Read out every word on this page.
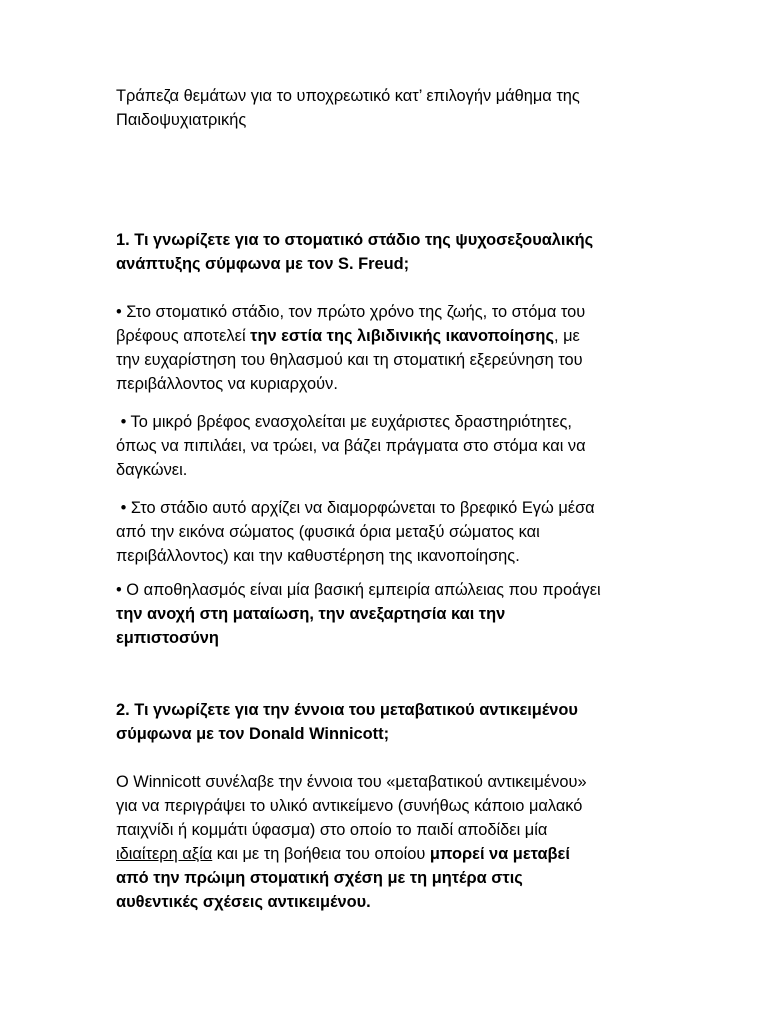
Τράπεζα θεμάτων για το υποχρεωτικό κατ’ επιλογήν μάθημα της
Παιδοψυχιατρικής

1. Τι γνωρίζετε για το στοματικό στάδιο της ψυχοσεξουαλικής
ανάπτυξης σύμφωνα με τον S. Freud;

• Στο στοματικό στάδιο, τον πρώτο χρόνο της ζωής, το στόμα του
βρέφους αποτελεί την εστία της λιβιδινικής ικανοποίησης, με
την ευχαρίστηση του θηλασμού και τη στοματική εξερεύνηση του
περιβάλλοντος να κυριαρχούν.

• Το μικρό βρέφος ενασχολείται με ευχάριστες δραστηριότητες,
όπως να πιπιλάει, να τρώει, να βάζει πράγματα στο στόμα και να
δαγκώνει.

• Στο στάδιο αυτό αρχίζει να διαμορφώνεται το βρεφικό Εγώ μέσα
από την εικόνα σώματος (φυσικά όρια μεταξύ σώματος και
περιβάλλοντος) και την καθυστέρηση της ικανοποίησης.

• Ο αποθηλασμός είναι μία βασική εμπειρία απώλειας που προάγει
την ανοχή στη ματαίωση, την ανεξαρτησία και την
εμπιστοσύνη

2. Τι γνωρίζετε για την έννοια του μεταβατικού αντικειμένου
σύμφωνα με τον Donald Winnicott;

Ο Winnicott συνέλαβε την έννοια του «μεταβατικού αντικειμένου»
για να περιγράψει το υλικό αντικείμενο (συνήθως κάποιο μαλακό
παιχνίδι ή κομμάτι ύφασμα) στο οποίο το παιδί αποδίδει μία
ιδιαίτερη αξία και με τη βοήθεια του οποίου μπορεί να μεταβεί
από την πρώιμη στοματική σχέση με τη μητέρα στις
αυθεντικές σχέσεις αντικειμένου.
